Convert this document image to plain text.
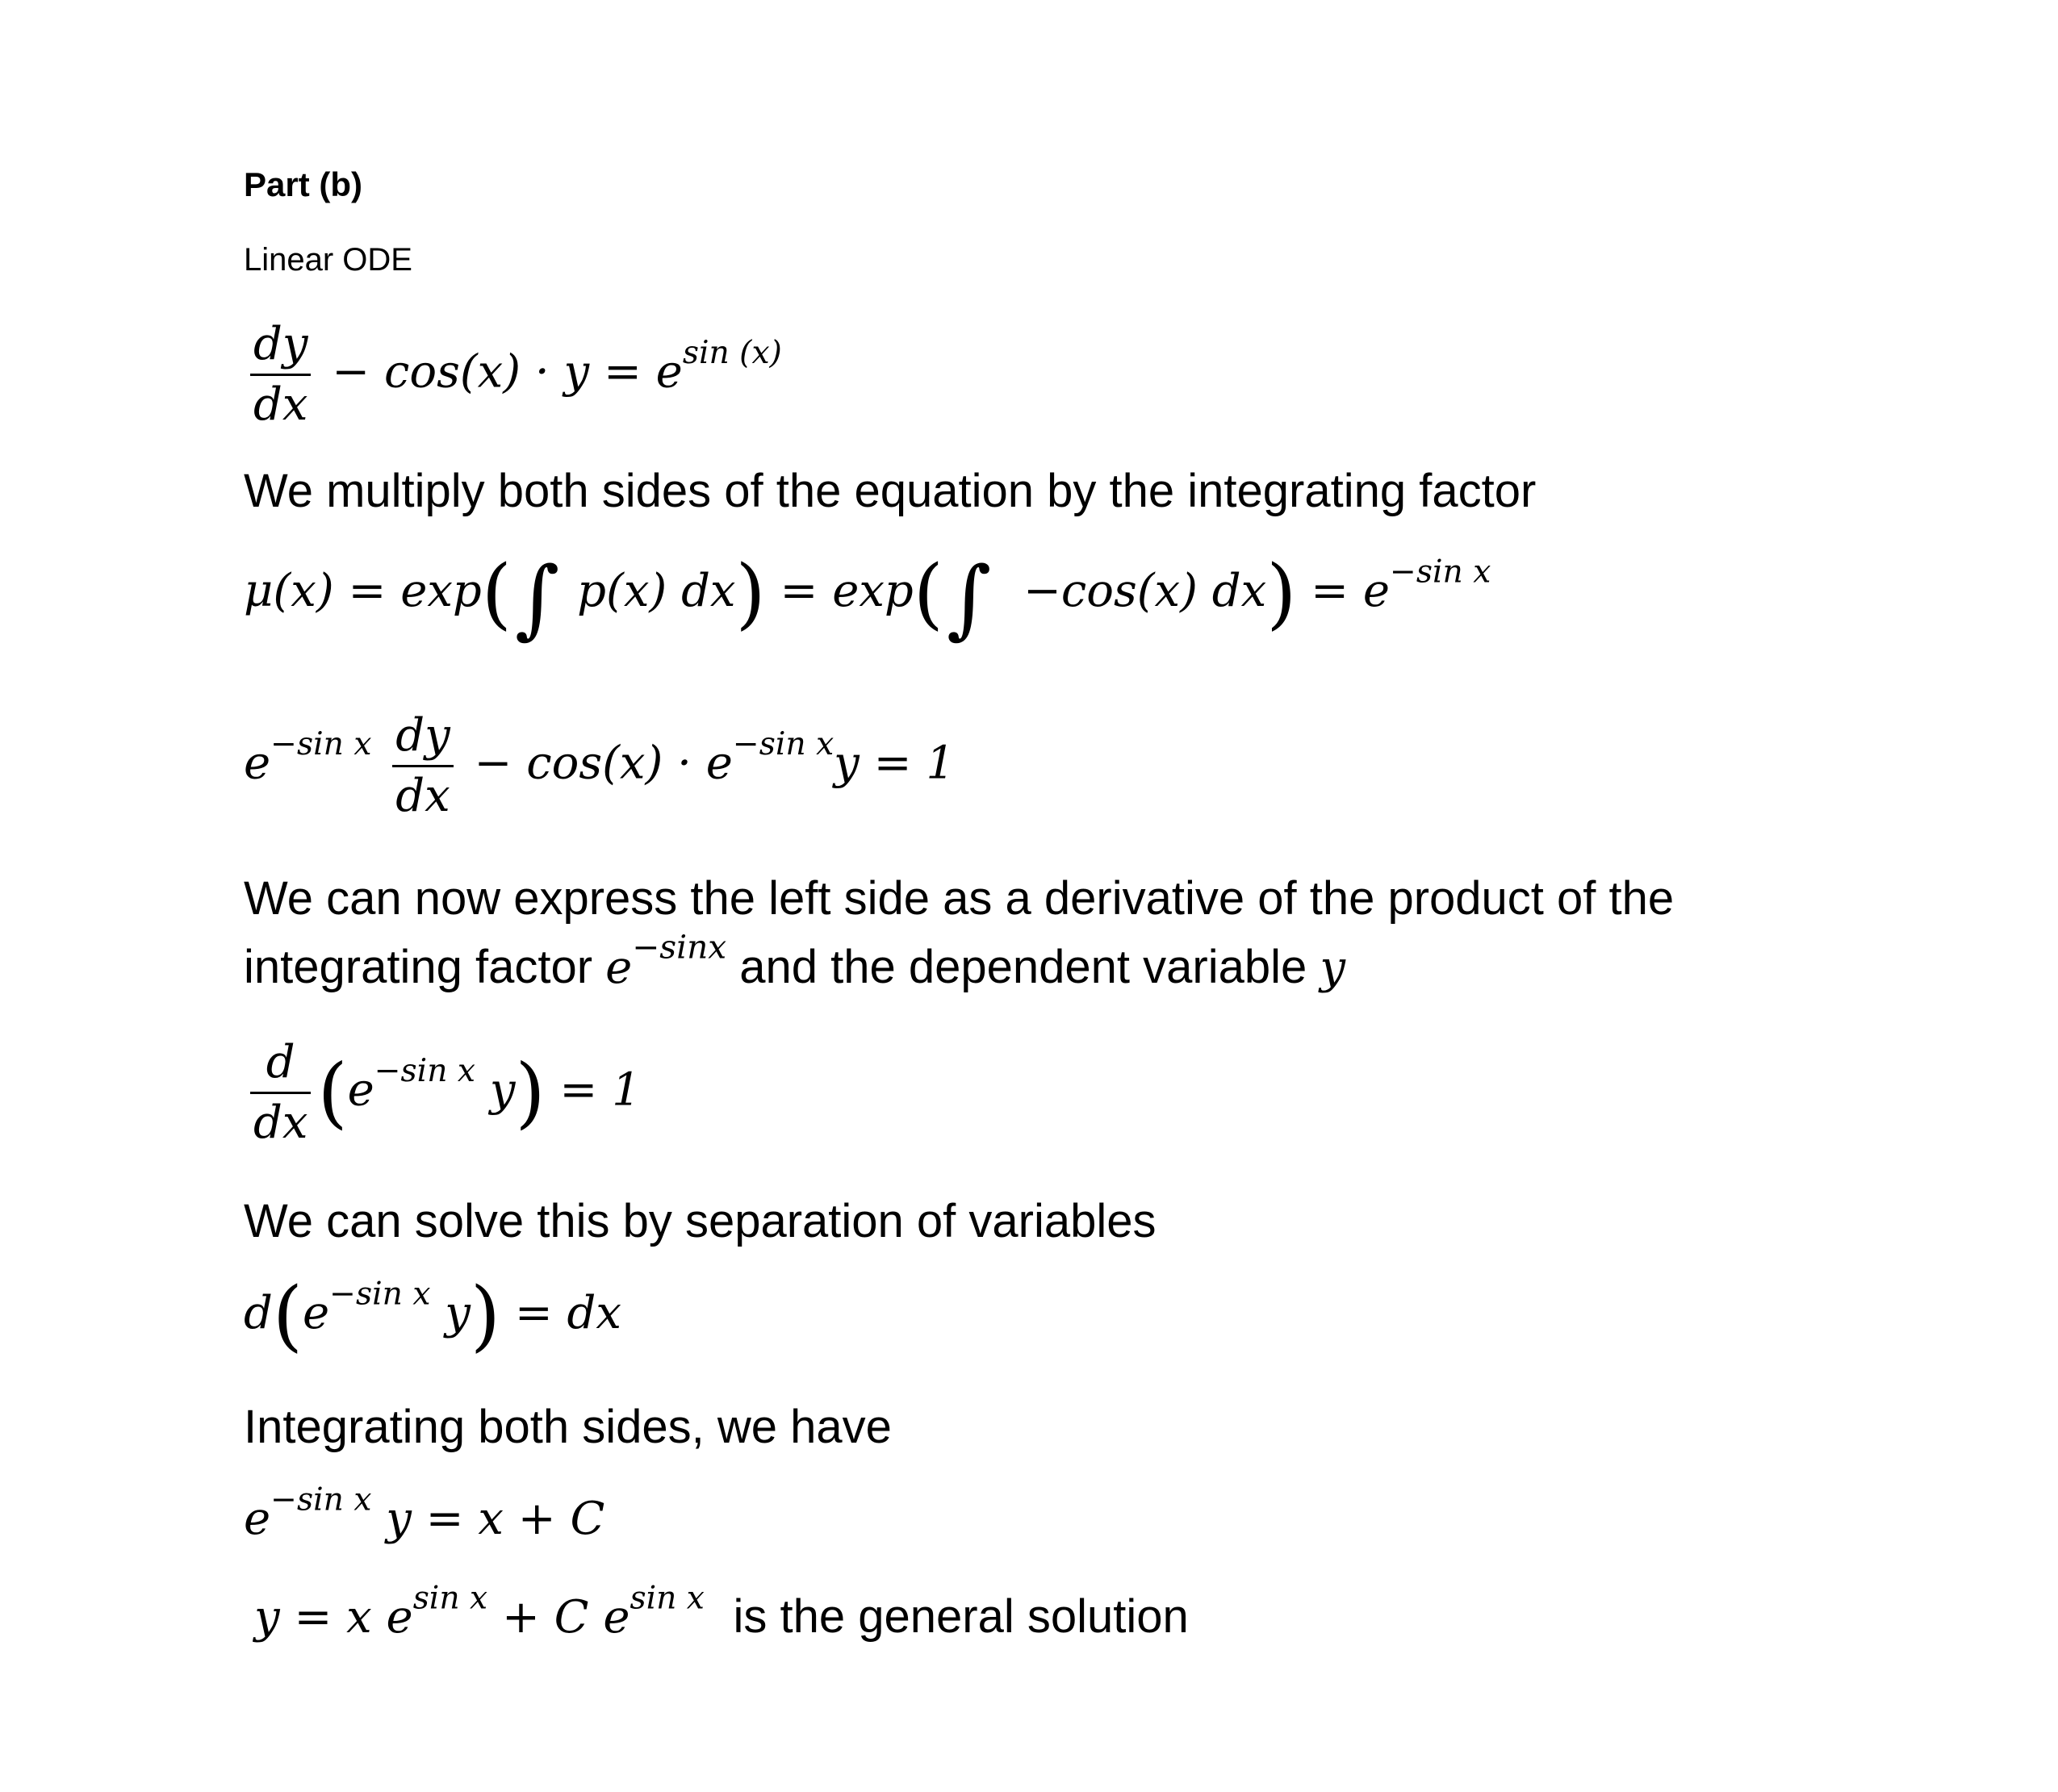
Part (b)
Linear ODE
$\frac{dy}{dx} - \cos(x) \cdot y = e^{sin (x)}$
We multiply both sides of the equation by the integrating factor
μ(x) = exp(∫ p(x) dx) = exp(∫ −cos(x) $dx) = e^{-sin x}$
$e^{-sin x} \frac{dy}{dx} - \cos(x) \cdot e^{-sin x}y = 1$
We can now express the left side as a derivative of the product of the
integrating factor $e^{-sinx}$ and the dependent variable y
$\frac{d}{dx} (e^{-sin x}$ y) = 1
We can solve this by separation of variables
$d(e^{-sin x}$ y) = dx
Integrating both sides, we have
$e^{-sin x}$ y = x + C
y = x $e^{sin x} + C$ $e^{sin x}$ is the general solution
